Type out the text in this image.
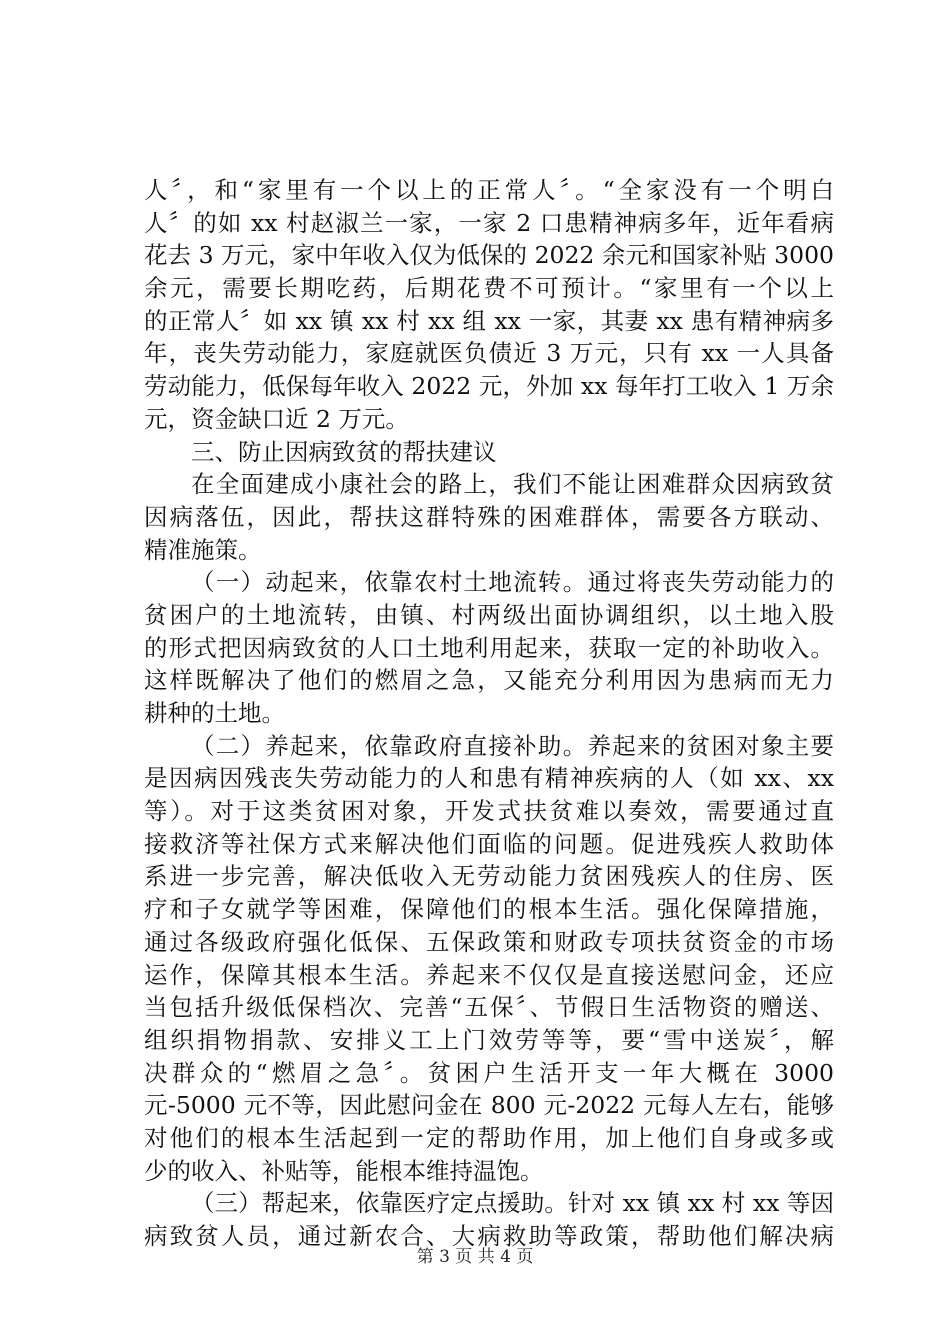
人〞，和“家里有一个以上的正常人〞。“全家没有一个明白
人〞的如 xx 村赵淑兰一家，一家 2 口患精神病多年，近年看病
花去 3 万元，家中年收入仅为低保的 2022 余元和国家补贴 3000
余元，需要长期吃药，后期花费不可预计。“家里有一个以上
的正常人〞如 xx 镇 xx 村 xx 组 xx 一家，其妻 xx 患有精神病多
年，丧失劳动能力，家庭就医负债近 3 万元，只有 xx 一人具备
劳动能力，低保每年收入 2022 元，外加 xx 每年打工收入 1 万余
元，资金缺口近 2 万元。
三、防止因病致贫的帮扶建议
在全面建成小康社会的路上，我们不能让困难群众因病致贫
因病落伍，因此，帮扶这群特殊的困难群体，需要各方联动、
精准施策。
（一）动起来，依靠农村土地流转。通过将丧失劳动能力的
贫困户的土地流转，由镇、村两级出面协调组织，以土地入股
的形式把因病致贫的人口土地利用起来，获取一定的补助收入。
这样既解决了他们的燃眉之急，又能充分利用因为患病而无力
耕种的土地。
（二）养起来，依靠政府直接补助。养起来的贫困对象主要
是因病因残丧失劳动能力的人和患有精神疾病的人（如 xx、xx
等）。对于这类贫困对象，开发式扶贫难以奏效，需要通过直
接救济等社保方式来解决他们面临的问题。促进残疾人救助体
系进一步完善，解决低收入无劳动能力贫困残疾人的住房、医
疗和子女就学等困难，保障他们的根本生活。强化保障措施，
通过各级政府强化低保、五保政策和财政专项扶贫资金的市场
运作，保障其根本生活。养起来不仅仅是直接送慰问金，还应
当包括升级低保档次、完善“五保〞、节假日生活物资的赠送、
组织捐物捐款、安排义工上门效劳等等，要“雪中送炭〞，解
决群众的“燃眉之急〞。贫困户生活开支一年大概在 3000
元-5000 元不等，因此慰问金在 800 元-2022 元每人左右，能够
对他们的根本生活起到一定的帮助作用，加上他们自身或多或
少的收入、补贴等，能根本维持温饱。
（三）帮起来，依靠医疗定点援助。针对 xx 镇 xx 村 xx 等因
病致贫人员，通过新农合、大病救助等政策，帮助他们解决病
第 3 页 共 4 页
